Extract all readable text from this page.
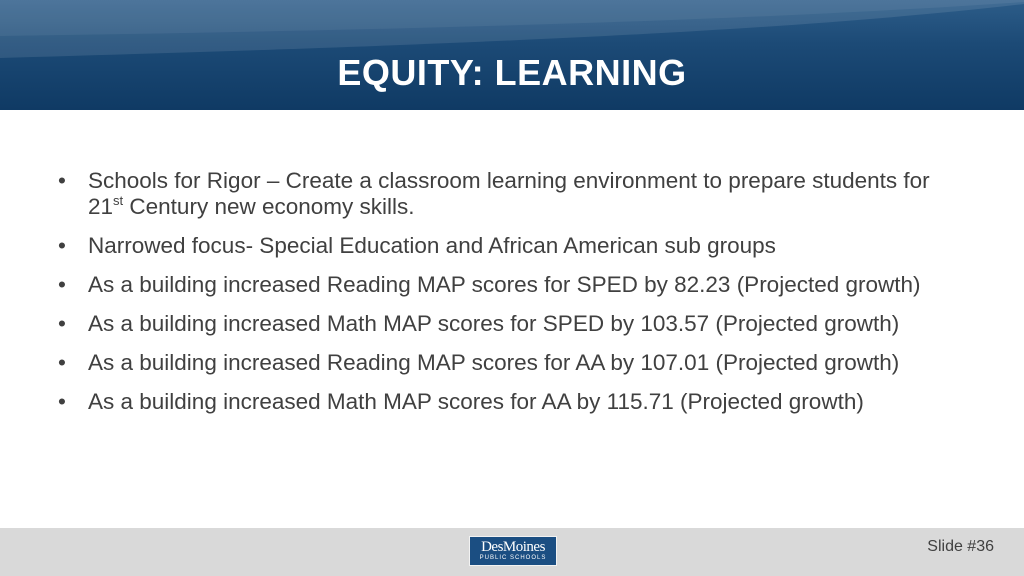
EQUITY: LEARNING
• Schools for Rigor – Create a classroom learning environment to prepare students for 21st Century new economy skills.
• Narrowed focus- Special Education and African American sub groups
• As a building increased Reading MAP scores for SPED by 82.23 (Projected growth)
• As a building increased Math MAP scores for SPED by 103.57 (Projected growth)
• As a building increased Reading MAP scores for AA by 107.01 (Projected growth)
• As a building increased Math MAP scores for AA by 115.71 (Projected growth)
DesMoines
PUBLIC SCHOOLS
Slide #36
